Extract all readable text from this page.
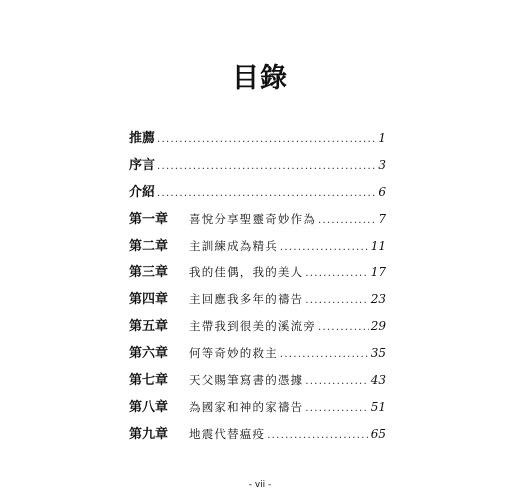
目錄
推薦 .....	1
序言 .....	3
介紹 .....	6
第一章	喜悅分享聖靈奇妙作為 .....	7
第二章	主訓練成為精兵 .....	11
第三章	我的佳偶，我的美人 .....	17
第四章	主回應我多年的禱告 .....	23
第五章	主帶我到很美的溪流旁 .....	29
第六章	何等奇妙的救主 .....	35
第七章	天父賜筆寫書的憑據 .....	43
第八章	為國家和神的家禱告 .....	51
第九章	地震代替瘟疫 .....	65
- vii -
